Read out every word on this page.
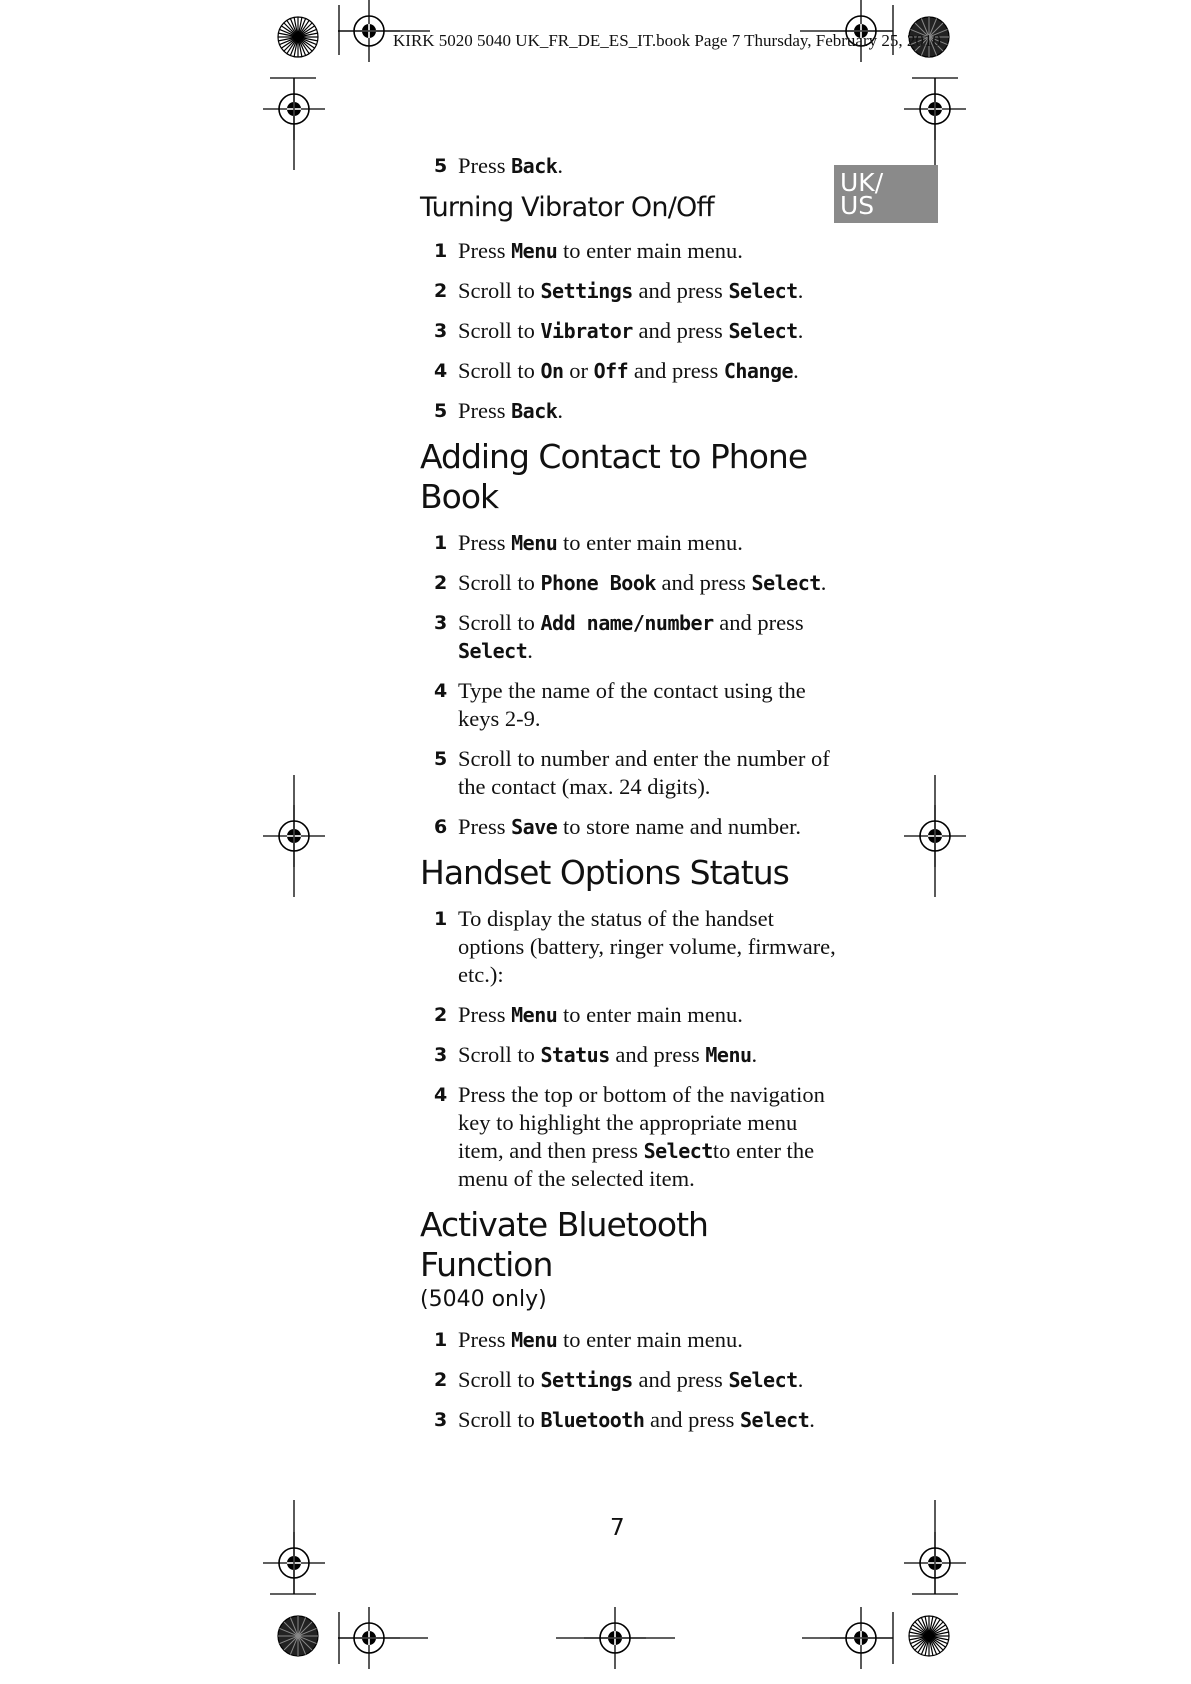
KIRK 5020 5040 UK_FR_DE_ES_IT.book Page 7 Thursday, February 25, 2010
UK/
US
5 Press Back.
Turning Vibrator On/Off
1 Press Menu to enter main menu.
2 Scroll to Settings and press Select.
3 Scroll to Vibrator and press Select.
4 Scroll to On or Off and press Change.
5 Press Back.
Adding Contact to Phone Book
1 Press Menu to enter main menu.
2 Scroll to Phone Book and press Select.
3 Scroll to Add name/number and press Select.
4 Type the name of the contact using the keys 2-9.
5 Scroll to number and enter the number of the contact (max. 24 digits).
6 Press Save to store name and number.
Handset Options Status
1 To display the status of the handset options (battery, ringer volume, firmware, etc.):
2 Press Menu to enter main menu.
3 Scroll to Status and press Menu.
4 Press the top or bottom of the navigation key to highlight the appropriate menu item, and then press Selectto enter the menu of the selected item.
Activate Bluetooth Function
(5040 only)
1 Press Menu to enter main menu.
2 Scroll to Settings and press Select.
3 Scroll to Bluetooth and press Select.
7
